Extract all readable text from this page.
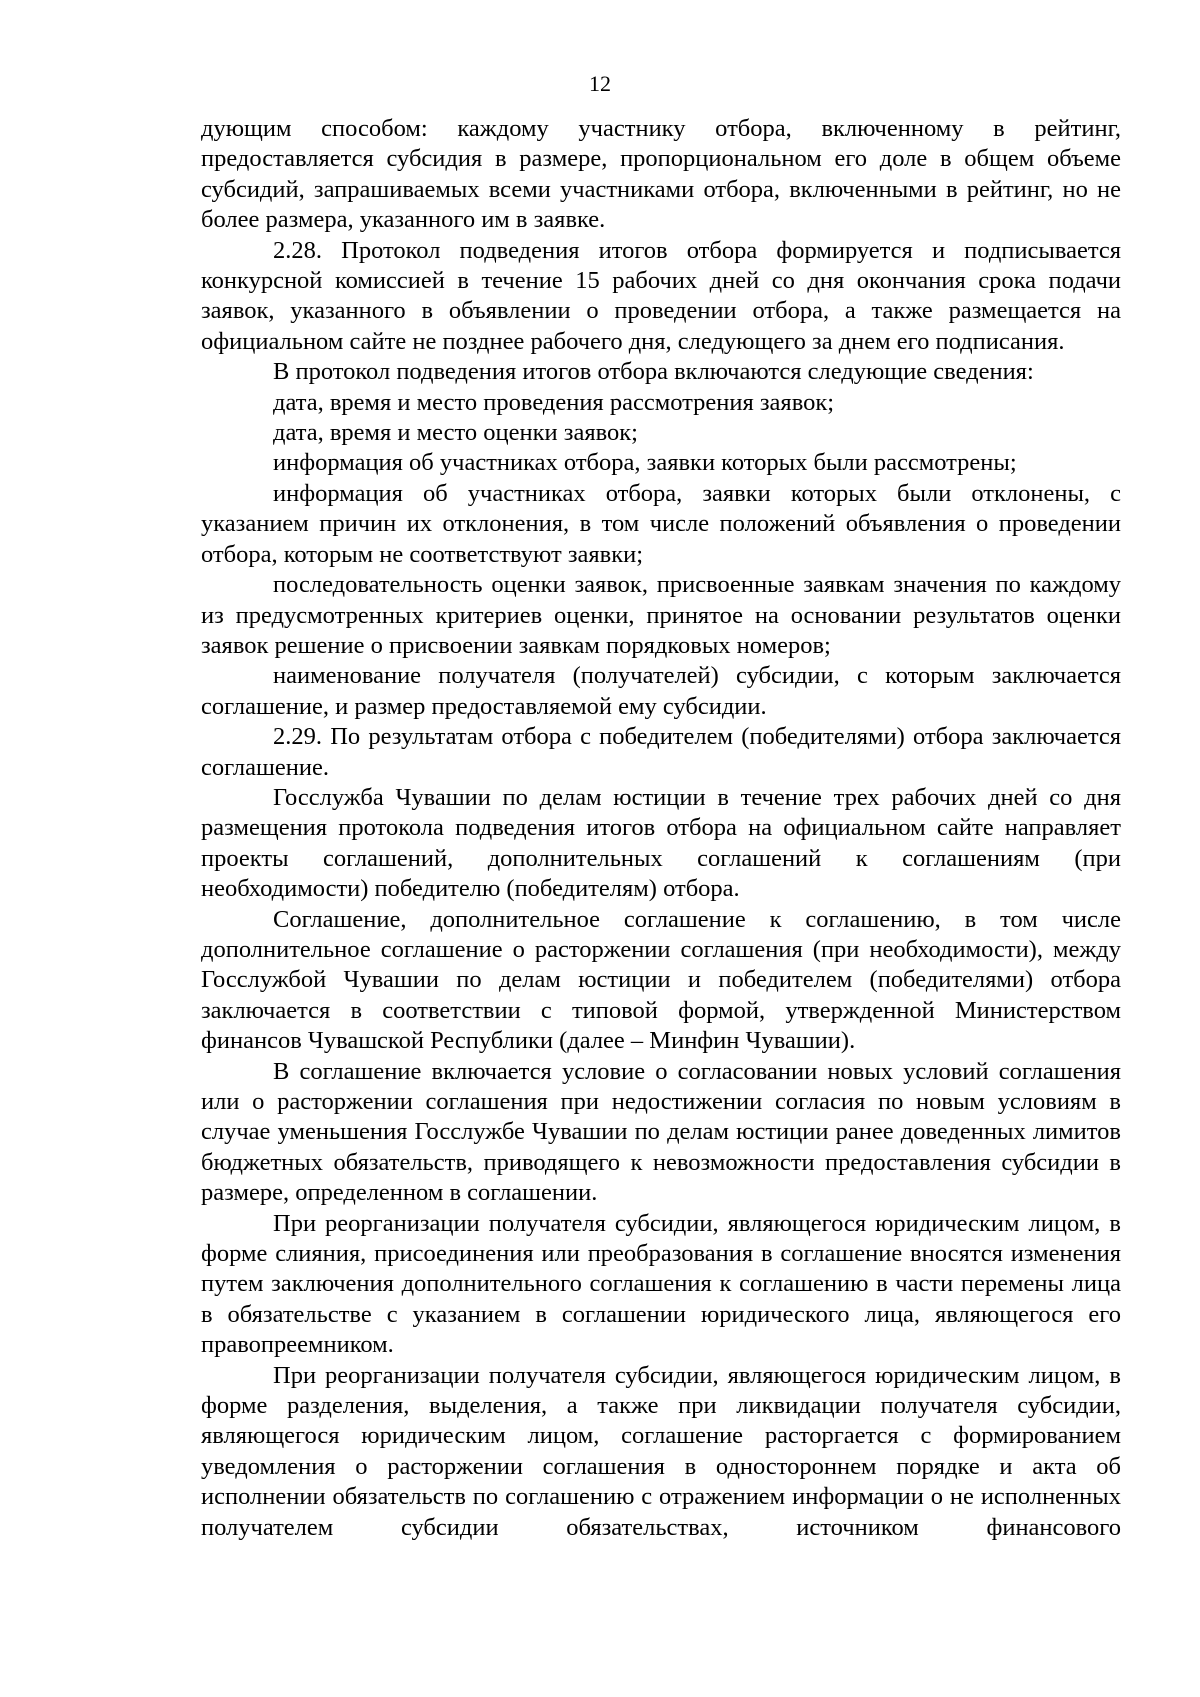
12

дующим способом: каждому участнику отбора, включенному в рейтинг, предоставляется субсидия в размере, пропорциональном его доле в общем объеме субсидий, запрашиваемых всеми участниками отбора, включенными в рейтинг, но не более размера, указанного им в заявке.

2.28. Протокол подведения итогов отбора формируется и подписывается конкурсной комиссией в течение 15 рабочих дней со дня окончания срока подачи заявок, указанного в объявлении о проведении отбора, а также размещается на официальном сайте не позднее рабочего дня, следующего за днем его подписания.

В протокол подведения итогов отбора включаются следующие сведения:

дата, время и место проведения рассмотрения заявок;

дата, время и место оценки заявок;

информация об участниках отбора, заявки которых были рассмотрены;

информация об участниках отбора, заявки которых были отклонены, с указанием причин их отклонения, в том числе положений объявления о проведении отбора, которым не соответствуют заявки;

последовательность оценки заявок, присвоенные заявкам значения по каждому из предусмотренных критериев оценки, принятое на основании результатов оценки заявок решение о присвоении заявкам порядковых номеров;

наименование получателя (получателей) субсидии, с которым заключается соглашение, и размер предоставляемой ему субсидии.

2.29. По результатам отбора с победителем (победителями) отбора заключается соглашение.

Госслужба Чувашии по делам юстиции в течение трех рабочих дней со дня размещения протокола подведения итогов отбора на официальном сайте направляет проекты соглашений, дополнительных соглашений к соглашениям (при необходимости) победителю (победителям) отбора.

Соглашение, дополнительное соглашение к соглашению, в том числе дополнительное соглашение о расторжении соглашения (при необходимости), между Госслужбой Чувашии по делам юстиции и победителем (победителями) отбора заключается в соответствии с типовой формой, утвержденной Министерством финансов Чувашской Республики (далее – Минфин Чувашии).

В соглашение включается условие о согласовании новых условий соглашения или о расторжении соглашения при недостижении согласия по новым условиям в случае уменьшения Госслужбе Чувашии по делам юстиции ранее доведенных лимитов бюджетных обязательств, приводящего к невозможности предоставления субсидии в размере, определенном в соглашении.

При реорганизации получателя субсидии, являющегося юридическим лицом, в форме слияния, присоединения или преобразования в соглашение вносятся изменения путем заключения дополнительного соглашения к соглашению в части перемены лица в обязательстве с указанием в соглашении юридического лица, являющегося его правопреемником.

При реорганизации получателя субсидии, являющегося юридическим лицом, в форме разделения, выделения, а также при ликвидации получателя субсидии, являющегося юридическим лицом, соглашение расторгается с формированием уведомления о расторжении соглашения в одностороннем порядке и акта об исполнении обязательств по соглашению с отражением информации о не исполненных получателем субсидии обязательствах, источником финансового
